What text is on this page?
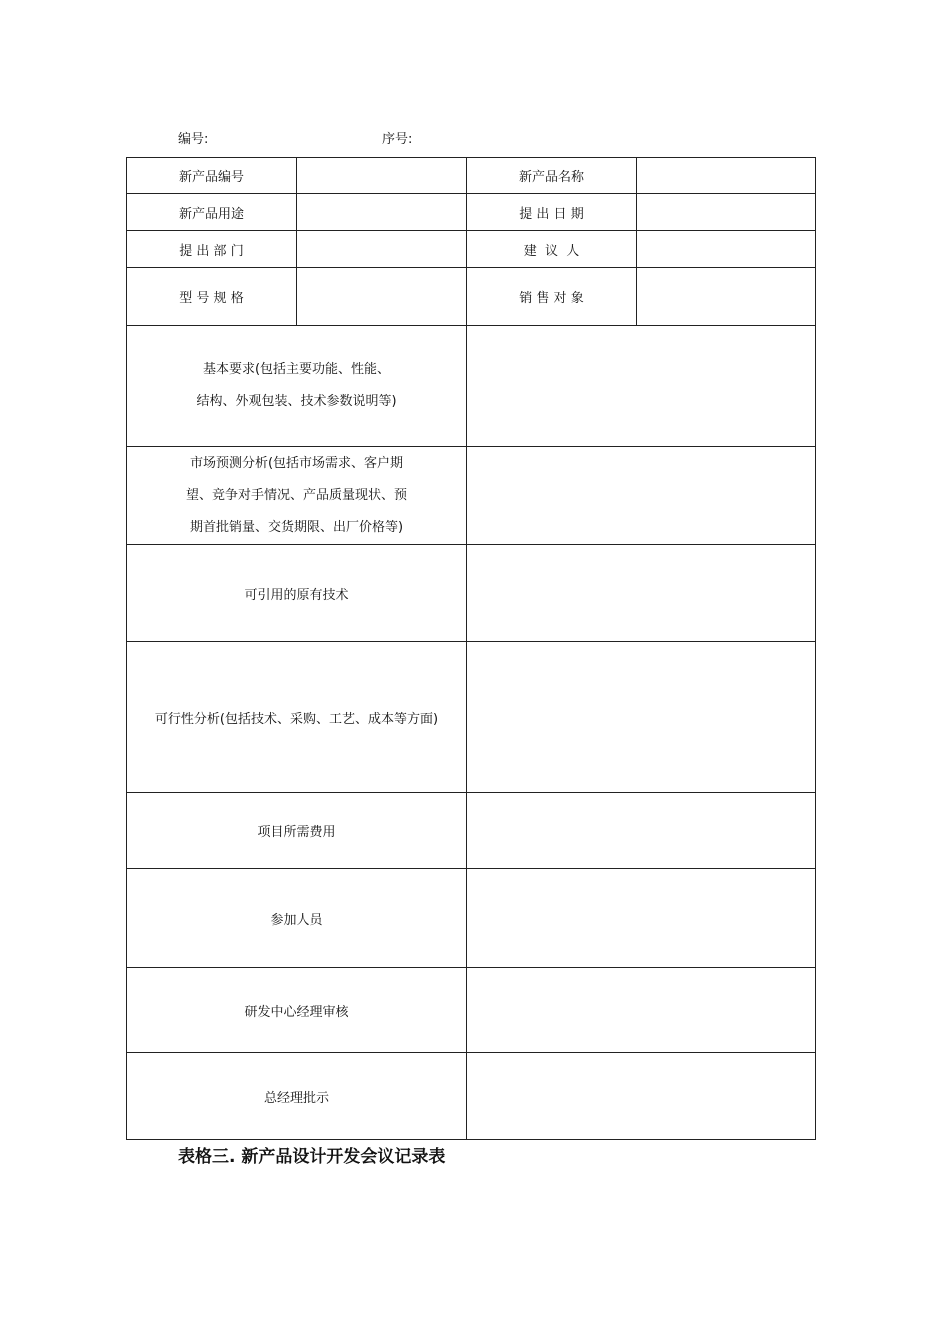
编号:	序号:
新产品编号		新产品名称	
新产品用途		提 出 日 期	
提 出 部 门		建  议  人	
型 号 规 格		销 售 对 象	

基本要求(包括主要功能、性能、
结构、外观包装、技术参数说明等)			

市场预测分析(包括市场需求、客户期
望、竞争对手情况、产品质量现状、预
期首批销量、交货期限、出厂价格等)			

可引用的原有技术			
可行性分析(包括技术、采购、工艺、成本等方面)			
项目所需费用			
参加人员			
研发中心经理审核			
总经理批示			
表格三. 新产品设计开发会议记录表
